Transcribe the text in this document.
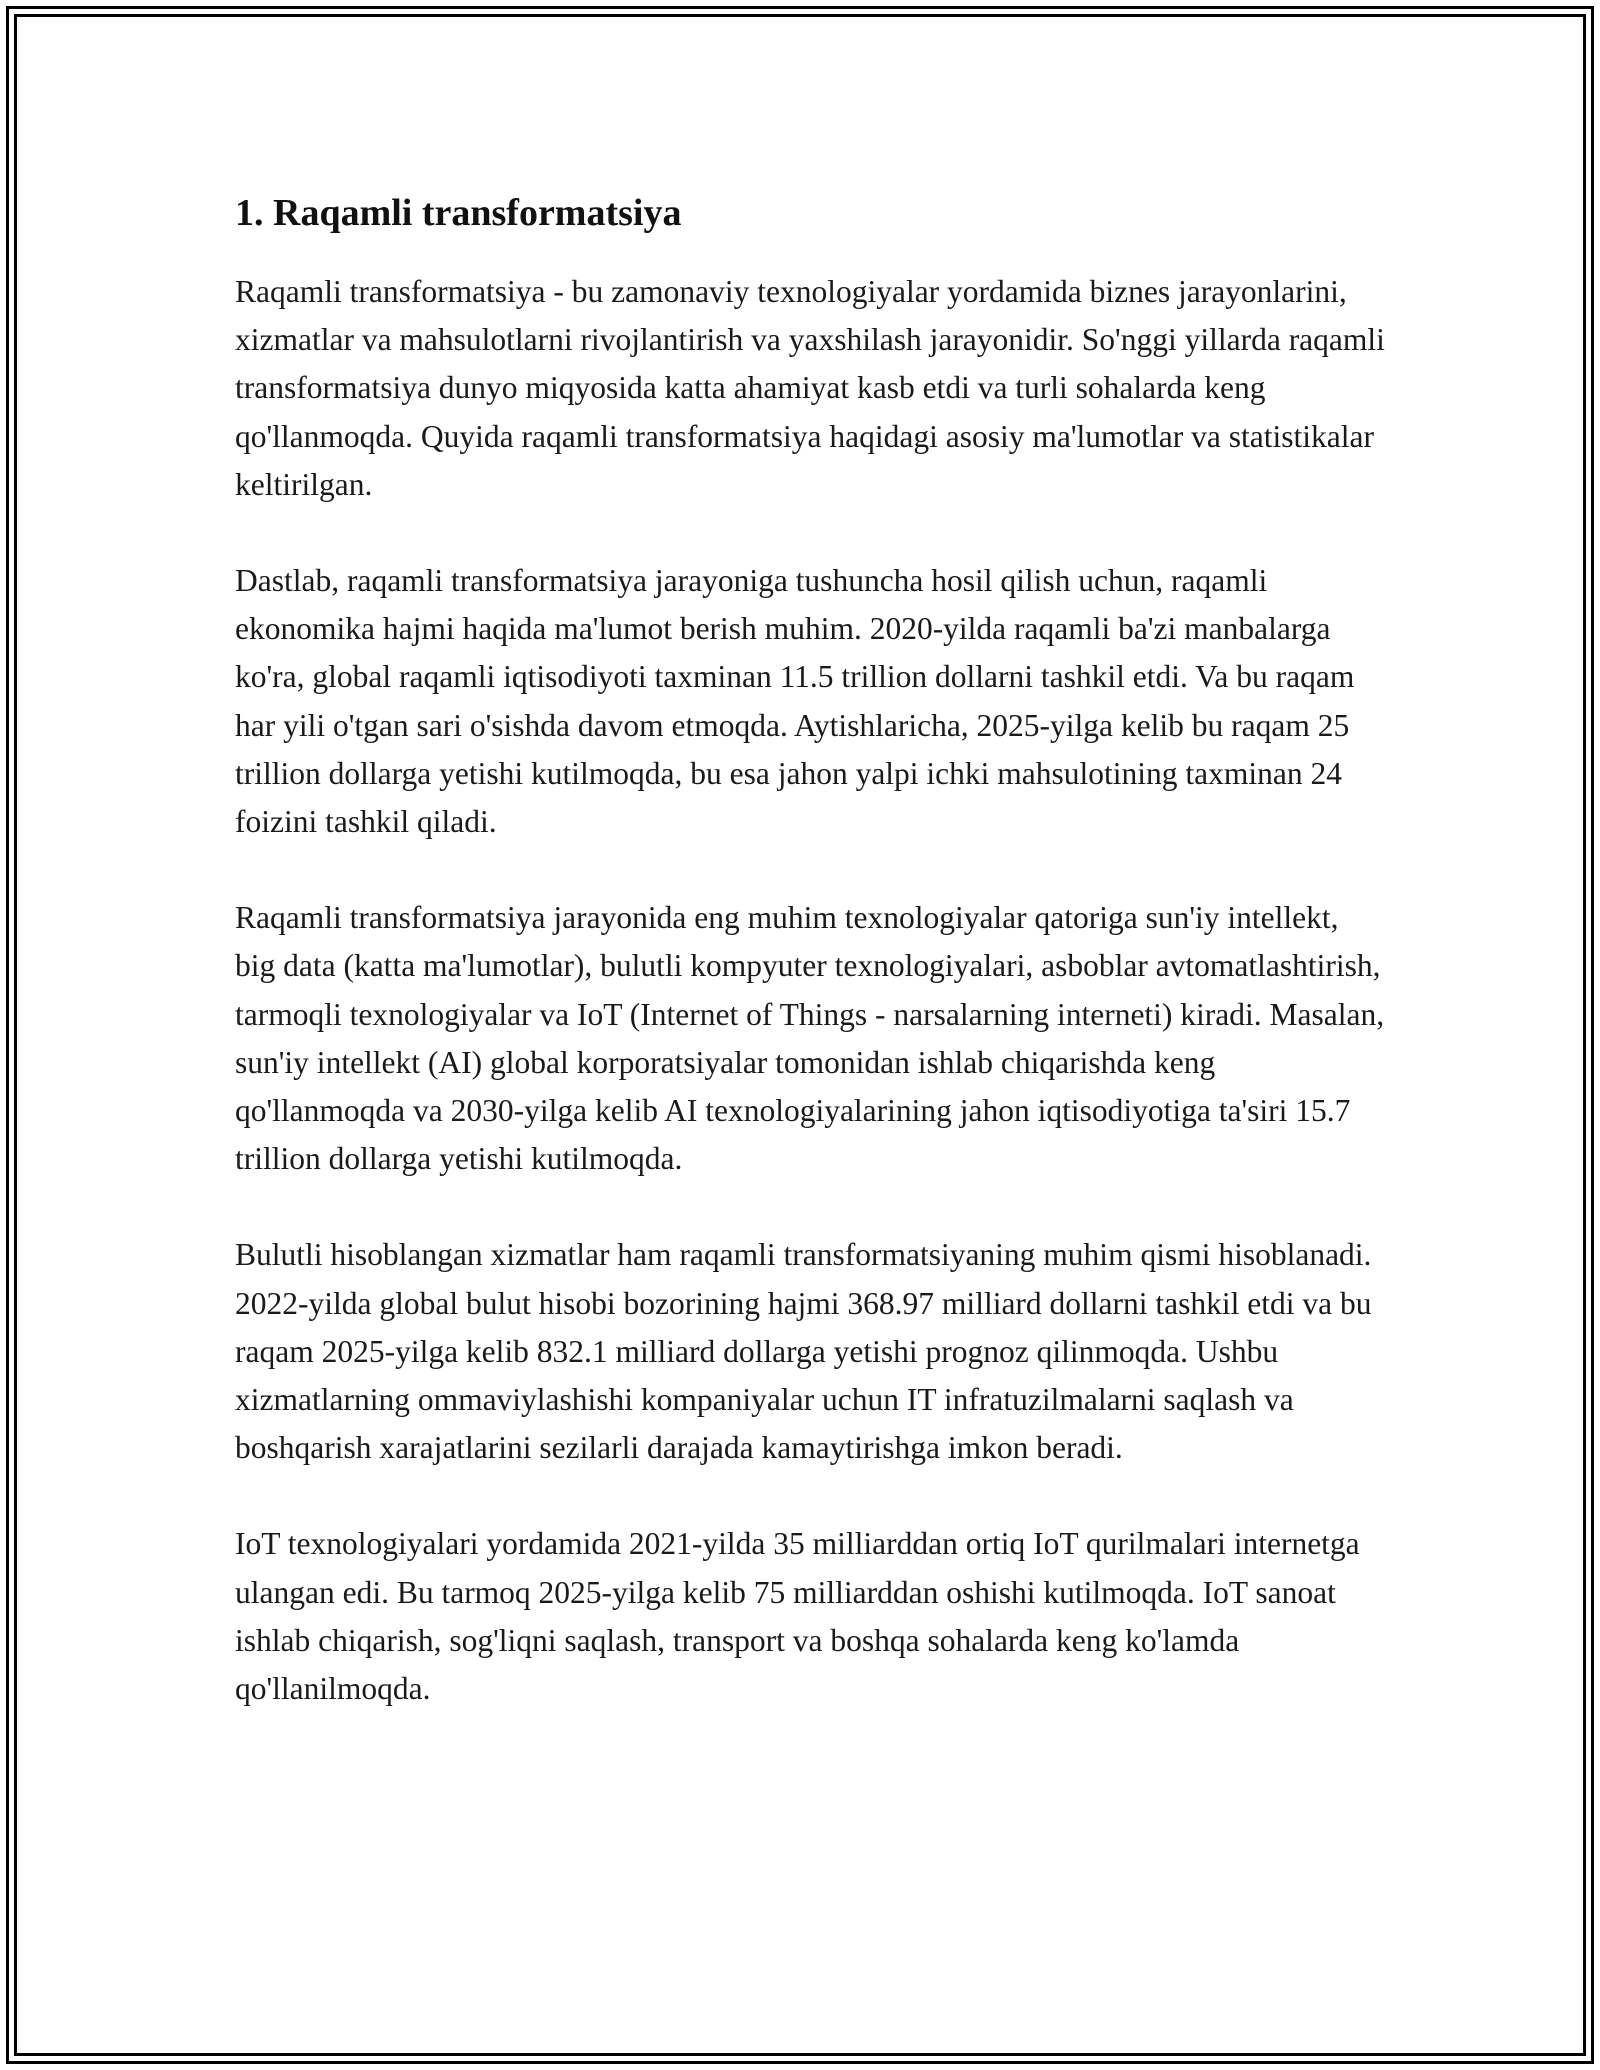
1. Raqamli transformatsiya

Raqamli transformatsiya - bu zamonaviy texnologiyalar yordamida biznes jarayonlarini, xizmatlar va mahsulotlarni rivojlantirish va yaxshilash jarayonidir. So'nggi yillarda raqamli transformatsiya dunyo miqyosida katta ahamiyat kasb etdi va turli sohalarda keng qo'llanmoqda. Quyida raqamli transformatsiya haqidagi asosiy ma'lumotlar va statistikalar keltirilgan.

Dastlab, raqamli transformatsiya jarayoniga tushuncha hosil qilish uchun, raqamli ekonomika hajmi haqida ma'lumot berish muhim. 2020-yilda raqamli ba'zi manbalarga ko'ra, global raqamli iqtisodiyoti taxminan 11.5 trillion dollarni tashkil etdi. Va bu raqam har yili o'tgan sari o'sishda davom etmoqda. Aytishlaricha, 2025-yilga kelib bu raqam 25 trillion dollarga yetishi kutilmoqda, bu esa jahon yalpi ichki mahsulotining taxminan 24 foizini tashkil qiladi.

Raqamli transformatsiya jarayonida eng muhim texnologiyalar qatoriga sun'iy intellekt, big data (katta ma'lumotlar), bulutli kompyuter texnologiyalari, asboblar avtomatlashtirish, tarmoqli texnologiyalar va IoT (Internet of Things - narsalarning interneti) kiradi. Masalan, sun'iy intellekt (AI) global korporatsiyalar tomonidan ishlab chiqarishda keng qo'llanmoqda va 2030-yilga kelib AI texnologiyalarining jahon iqtisodiyotiga ta'siri 15.7 trillion dollarga yetishi kutilmoqda.

Bulutli hisoblangan xizmatlar ham raqamli transformatsiyaning muhim qismi hisoblanadi. 2022-yilda global bulut hisobi bozorining hajmi 368.97 milliard dollarni tashkil etdi va bu raqam 2025-yilga kelib 832.1 milliard dollarga yetishi prognoz qilinmoqda. Ushbu xizmatlarning ommaviylashishi kompaniyalar uchun IT infratuzilmalarni saqlash va boshqarish xarajatlarini sezilarli darajada kamaytirishga imkon beradi.

IoT texnologiyalari yordamida 2021-yilda 35 milliarddan ortiq IoT qurilmalari internetga ulangan edi. Bu tarmoq 2025-yilga kelib 75 milliarddan oshishi kutilmoqda. IoT sanoat ishlab chiqarish, sog'liqni saqlash, transport va boshqa sohalarda keng ko'lamda qo'llanilmoqda.
